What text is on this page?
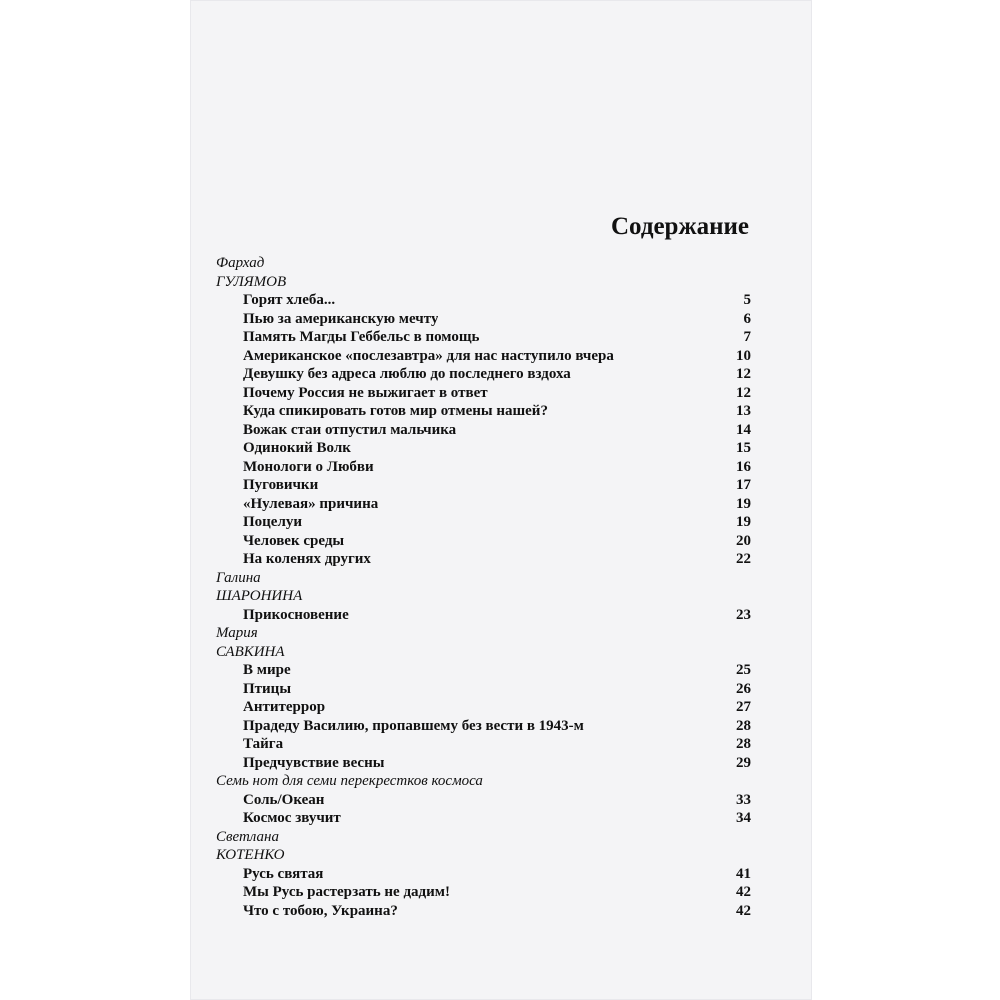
Содержание
Фархад
ГУЛЯМОВ
Горят хлеба...	5
Пью за американскую мечту	6
Память Магды Геббельс в помощь	7
Американское «послезавтра» для нас наступило вчера	10
Девушку без адреса люблю до последнего вздоха	12
Почему Россия не выжигает в ответ	12
Куда спикировать готов мир отмены нашей?	13
Вожак стаи отпустил мальчика	14
Одинокий Волк	15
Монологи о Любви	16
Пуговички	17
«Нулевая» причина	19
Поцелуи	19
Человек среды	20
На коленях других	22
Галина
ШАРОНИНА
Прикосновение	23
Мария
САВКИНА
В мире	25
Птицы	26
Антитеррор	27
Прадеду Василию, пропавшему без вести в 1943-м	28
Тайга	28
Предчувствие весны	29
Семь нот для семи перекрестков космоса
Соль/Океан	33
Космос звучит	34
Светлана
КОТЕНКО
Русь святая	41
Мы Русь растерзать не дадим!	42
Что с тобою, Украина?	42
